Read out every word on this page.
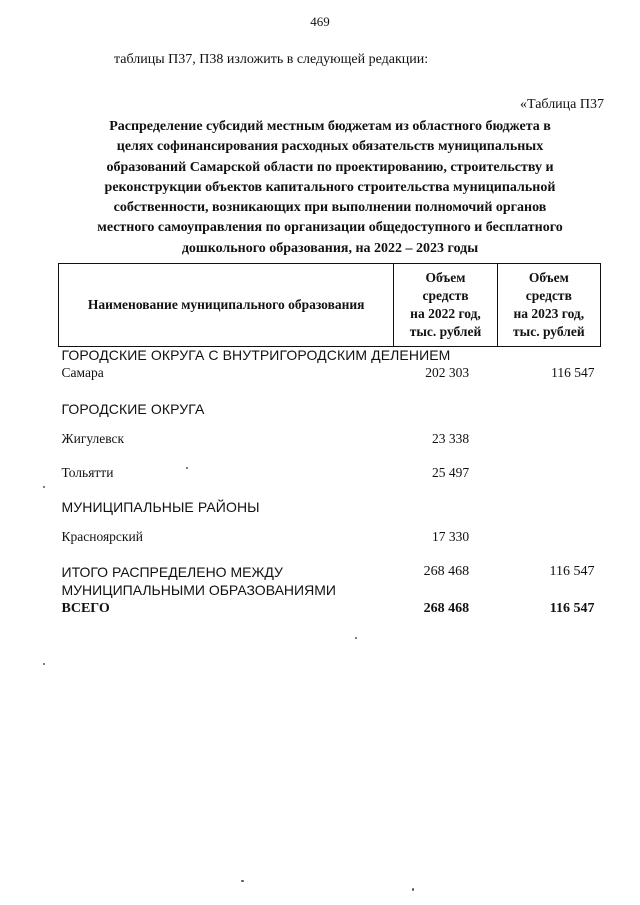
469
таблицы П37, П38 изложить в следующей редакции:
«Таблица П37
Распределение субсидий местным бюджетам из областного бюджета в
целях софинансирования расходных обязательств муниципальных
образований Самарской области по проектированию, строительству и
реконструкции объектов капитального строительства муниципальной
собственности, возникающих при выполнении полномочий органов
местного самоуправления по организации общедоступного и бесплатного
дошкольного образования, на 2022 – 2023 годы
Наименование муниципального образования	Объем
средств
на 2022 год,
тыс. рублей	Объем
средств
на 2023 год,
тыс. рублей

ГОРОДСКИЕ ОКРУГА С ВНУТРИГОРОДСКИМ ДЕЛЕНИЕМ		
Самара	202 303	116 547
ГОРОДСКИЕ ОКРУГА		
Жигулевск	23 338	
Тольятти	25 497	
МУНИЦИПАЛЬНЫЕ РАЙОНЫ		
Красноярский	17 330	

ИТОГО РАСПРЕДЕЛЕНО МЕЖДУ
МУНИЦИПАЛЬНЫМИ ОБРАЗОВАНИЯМИ	268 468	116 547
ВСЕГО	268 468	116 547
